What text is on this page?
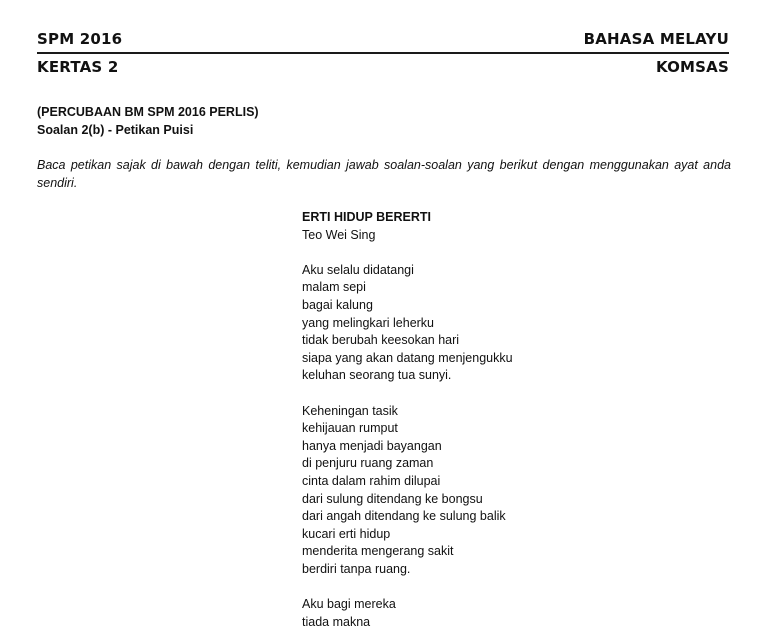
SPM 2016	BAHASA MELAYU
KERTAS 2	KOMSAS
(PERCUBAAN BM SPM 2016 PERLIS)
Soalan 2(b) - Petikan Puisi
Baca petikan sajak di bawah dengan teliti, kemudian jawab soalan-soalan yang berikut dengan menggunakan ayat anda sendiri.
ERTI HIDUP BERERTI
Teo Wei Sing
Aku selalu didatangi
malam sepi
bagai kalung
yang melingkari leherku
tidak berubah keesokan hari
siapa yang akan datang menjengukku
keluhan seorang tua sunyi.
Keheningan tasik
kehijauan rumput
hanya menjadi bayangan
di penjuru ruang zaman
cinta dalam rahim dilupai
dari sulung ditendang ke bongsu
dari angah ditendang ke sulung balik
kucari erti hidup
menderita mengerang sakit
berdiri tanpa ruang.
Aku bagi mereka
tiada makna
